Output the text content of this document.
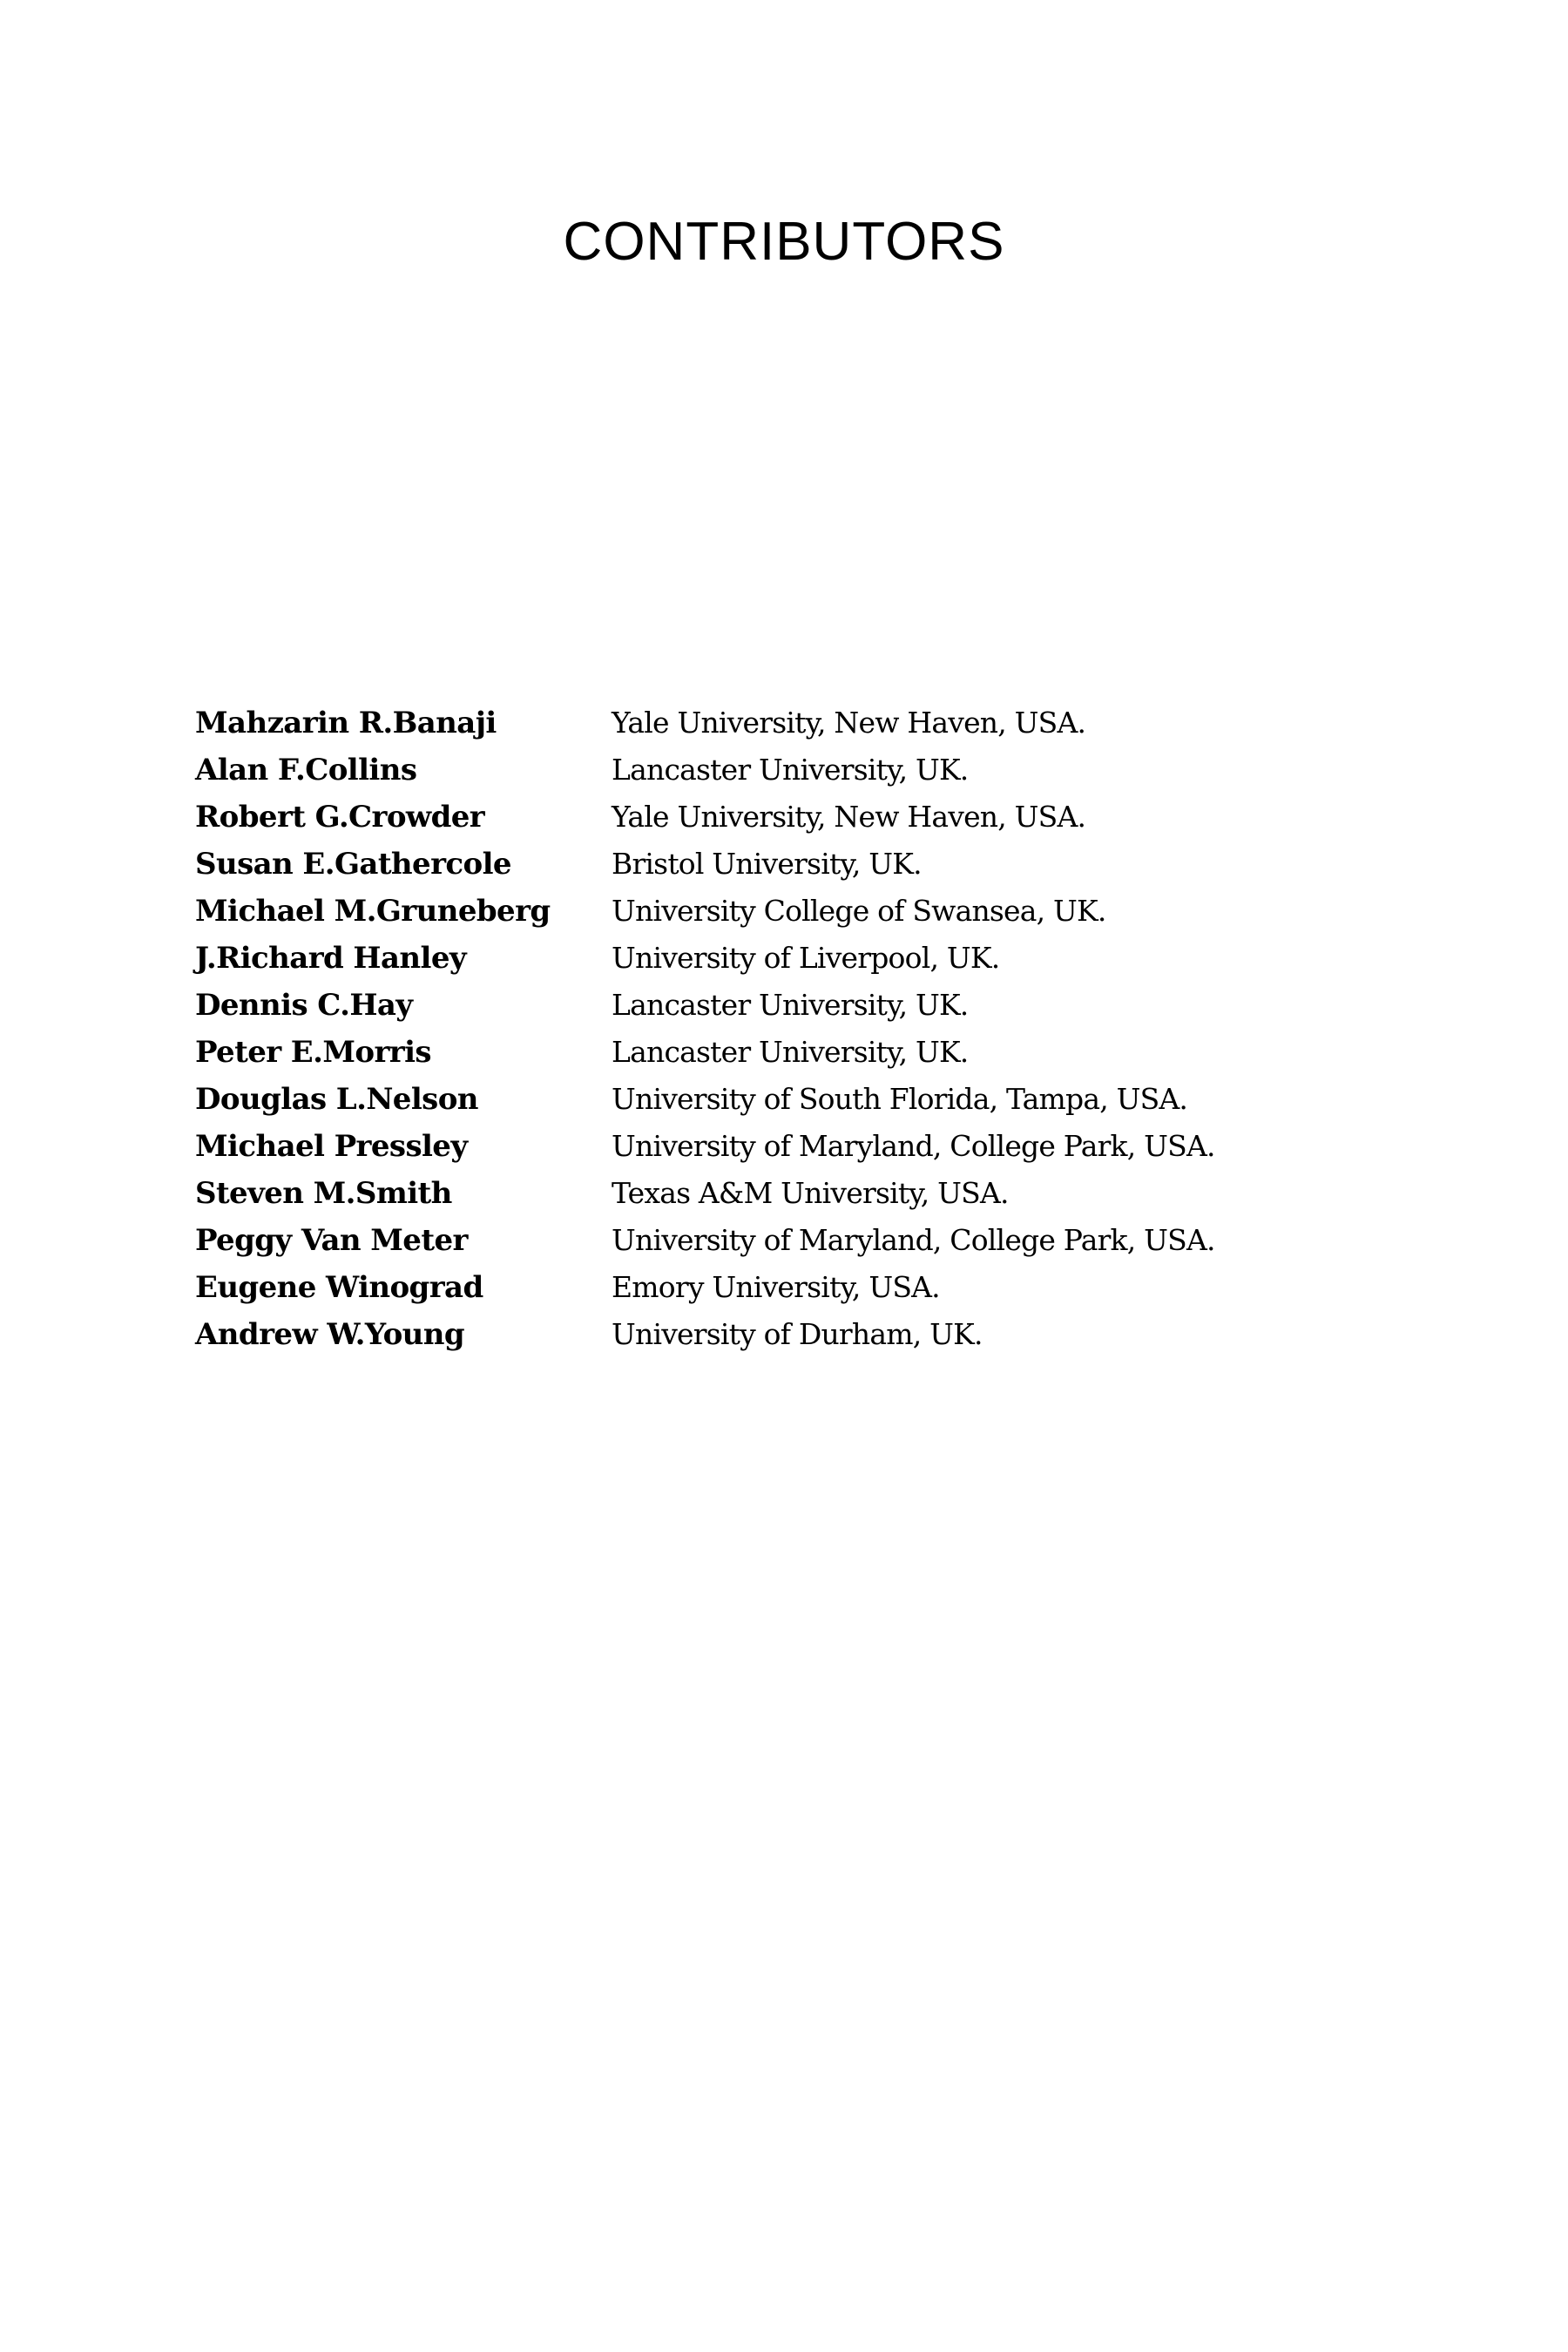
CONTRIBUTORS
Mahzarin R.Banaji	Yale University, New Haven, USA.
Alan F.Collins	Lancaster University, UK.
Robert G.Crowder	Yale University, New Haven, USA.
Susan E.Gathercole	Bristol University, UK.
Michael M.Gruneberg	University College of Swansea, UK.
J.Richard Hanley	University of Liverpool, UK.
Dennis C.Hay	Lancaster University, UK.
Peter E.Morris	Lancaster University, UK.
Douglas L.Nelson	University of South Florida, Tampa, USA.
Michael Pressley	University of Maryland, College Park, USA.
Steven M.Smith	Texas A&M University, USA.
Peggy Van Meter	University of Maryland, College Park, USA.
Eugene Winograd	Emory University, USA.
Andrew W.Young	University of Durham, UK.
